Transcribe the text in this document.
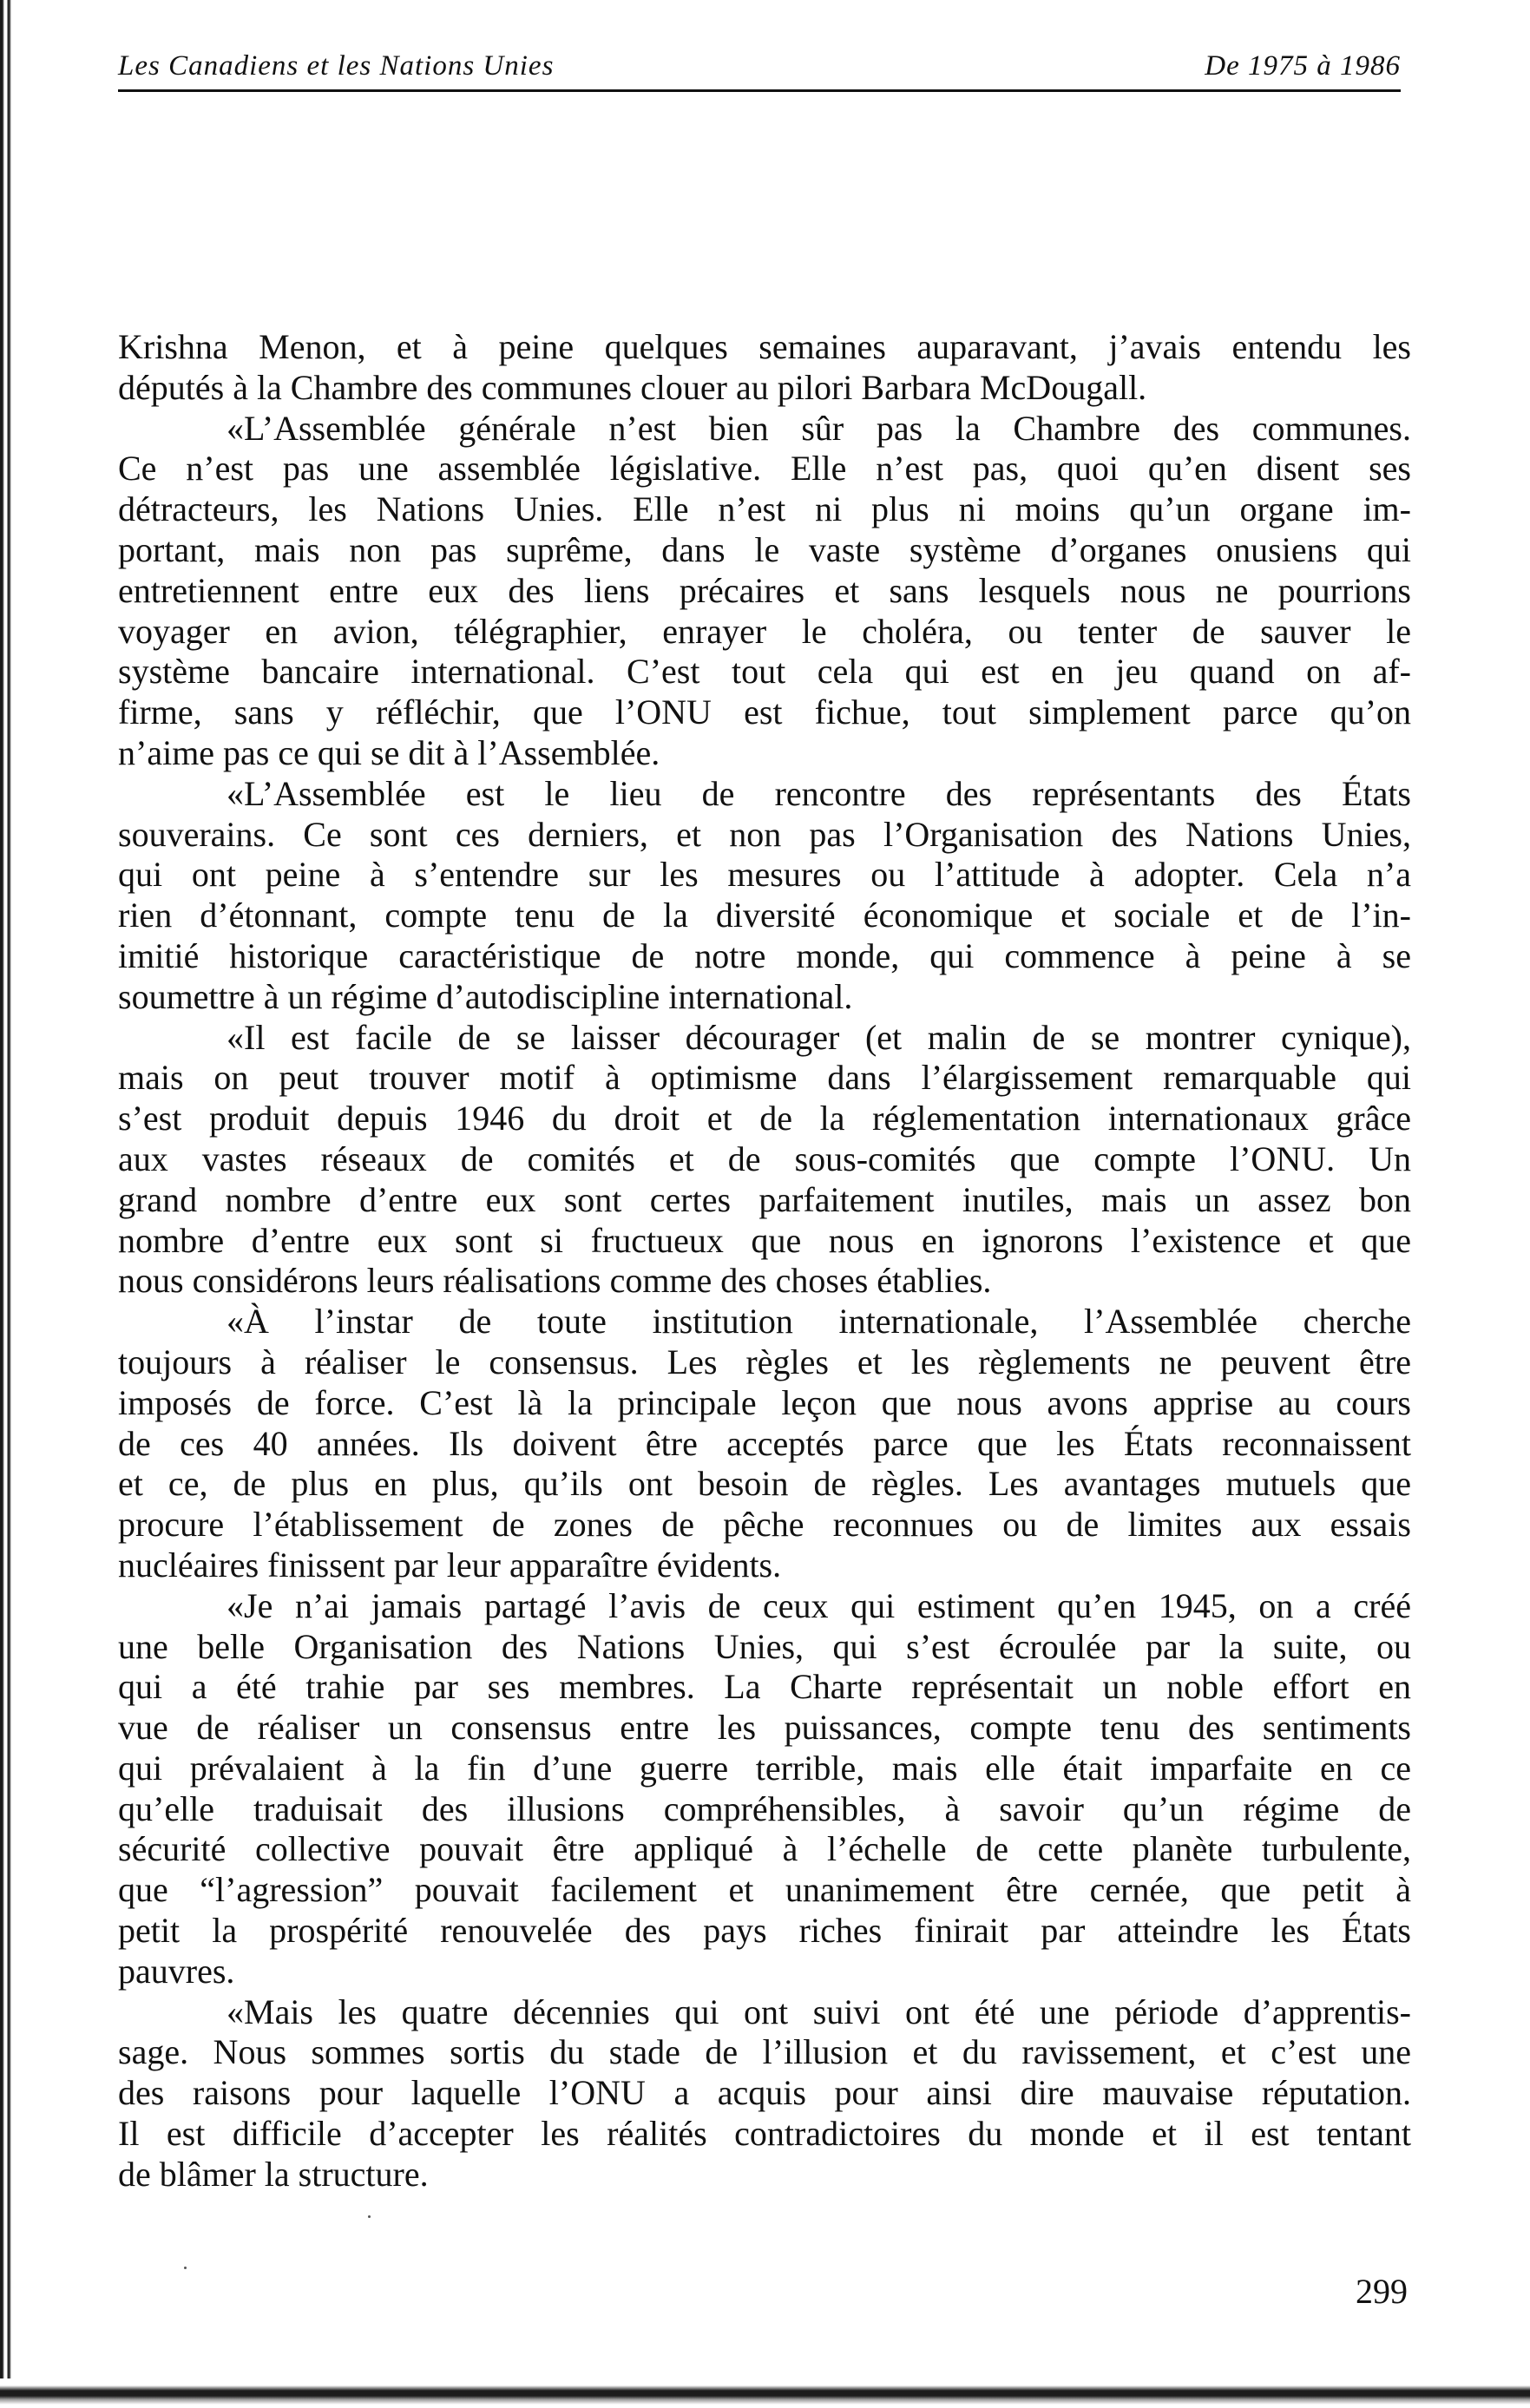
Les Canadiens et les Nations Unies	De 1975 à 1986
Krishna Menon, et à peine quelques semaines auparavant, j’avais entendu les
députés à la Chambre des communes clouer au pilori Barbara McDougall.
«L’Assemblée générale n’est bien sûr pas la Chambre des communes.
Ce n’est pas une assemblée législative. Elle n’est pas, quoi qu’en disent ses
détracteurs, les Nations Unies. Elle n’est ni plus ni moins qu’un organe im-
portant, mais non pas suprême, dans le vaste système d’organes onusiens qui
entretiennent entre eux des liens précaires et sans lesquels nous ne pourrions
voyager en avion, télégraphier, enrayer le choléra, ou tenter de sauver le
système bancaire international. C’est tout cela qui est en jeu quand on af-
firme, sans y réfléchir, que l’ONU est fichue, tout simplement parce qu’on
n’aime pas ce qui se dit à l’Assemblée.
«L’Assemblée est le lieu de rencontre des représentants des États
souverains. Ce sont ces derniers, et non pas l’Organisation des Nations Unies,
qui ont peine à s’entendre sur les mesures ou l’attitude à adopter. Cela n’a
rien d’étonnant, compte tenu de la diversité économique et sociale et de l’in-
imitié historique caractéristique de notre monde, qui commence à peine à se
soumettre à un régime d’autodiscipline international.
«Il est facile de se laisser décourager (et malin de se montrer cynique),
mais on peut trouver motif à optimisme dans l’élargissement remarquable qui
s’est produit depuis 1946 du droit et de la réglementation internationaux grâce
aux vastes réseaux de comités et de sous-comités que compte l’ONU. Un
grand nombre d’entre eux sont certes parfaitement inutiles, mais un assez bon
nombre d’entre eux sont si fructueux que nous en ignorons l’existence et que
nous considérons leurs réalisations comme des choses établies.
«À l’instar de toute institution internationale, l’Assemblée cherche
toujours à réaliser le consensus. Les règles et les règlements ne peuvent être
imposés de force. C’est là la principale leçon que nous avons apprise au cours
de ces 40 années. Ils doivent être acceptés parce que les États reconnaissent
et ce, de plus en plus, qu’ils ont besoin de règles. Les avantages mutuels que
procure l’établissement de zones de pêche reconnues ou de limites aux essais
nucléaires finissent par leur apparaître évidents.
«Je n’ai jamais partagé l’avis de ceux qui estiment qu’en 1945, on a créé
une belle Organisation des Nations Unies, qui s’est écroulée par la suite, ou
qui a été trahie par ses membres. La Charte représentait un noble effort en
vue de réaliser un consensus entre les puissances, compte tenu des sentiments
qui prévalaient à la fin d’une guerre terrible, mais elle était imparfaite en ce
qu’elle traduisait des illusions compréhensibles, à savoir qu’un régime de
sécurité collective pouvait être appliqué à l’échelle de cette planète turbulente,
que “l’agression” pouvait facilement et unanimement être cernée, que petit à
petit la prospérité renouvelée des pays riches finirait par atteindre les États
pauvres.
«Mais les quatre décennies qui ont suivi ont été une période d’apprentis-
sage. Nous sommes sortis du stade de l’illusion et du ravissement, et c’est une
des raisons pour laquelle l’ONU a acquis pour ainsi dire mauvaise réputation.
Il est difficile d’accepter les réalités contradictoires du monde et il est tentant
de blâmer la structure.
299
